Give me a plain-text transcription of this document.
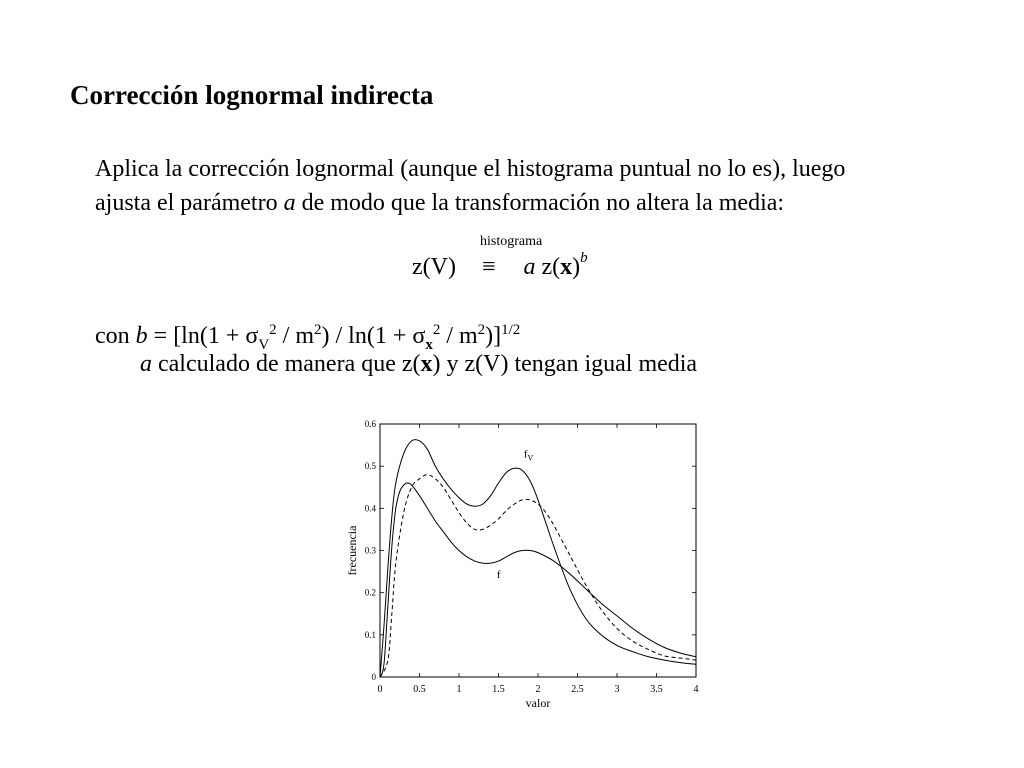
Corrección lognormal indirecta
Aplica la corrección lognormal (aunque el histograma puntual no lo es), luego
ajusta el parámetro a de modo que la transformación no altera la media:
z(V) ≡
histograma
a $z(x)^b$
con $b = [\ln(1 + \sigma_V^2 / m^2) / \ln(1 + \sigma_x^2 / m^2)]^{1/2}$
a calculado de manera que z(x) y z(V) tengan igual media
0	0.5	1	1.5	2	2.5	3	3.5	4
0
0.1
0.2
0.3
0.4
0.5
0.6
valor
frecuencia
$f_V$
f
